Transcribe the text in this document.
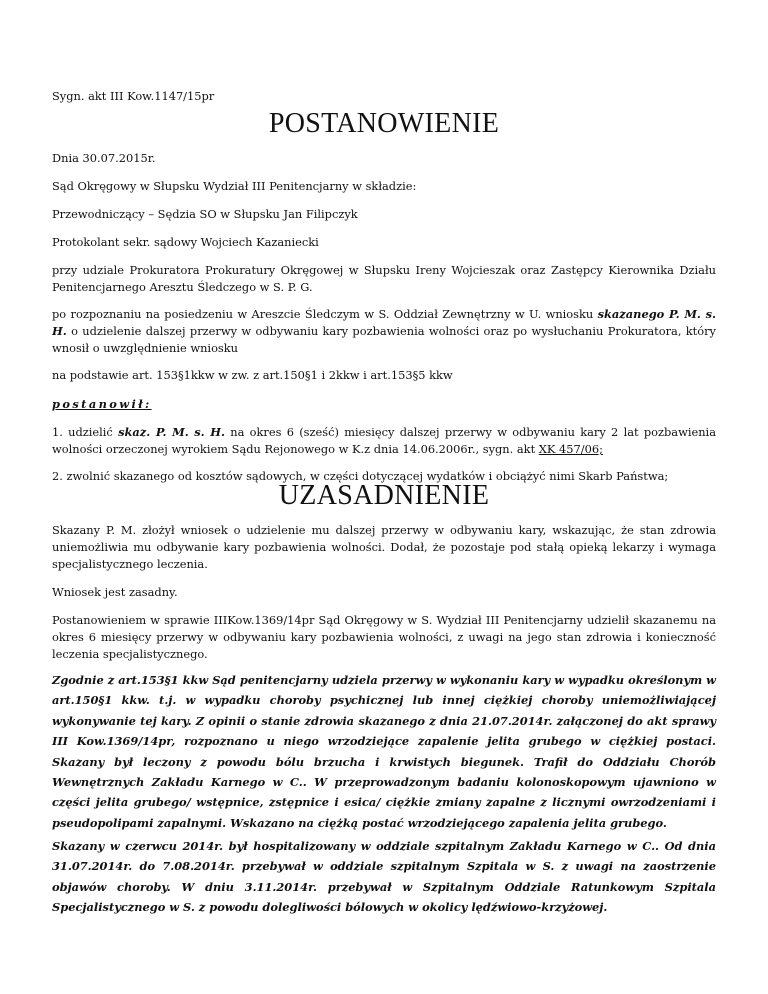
Sygn. akt III Kow.1147/15pr

POSTANOWIENIE

Dnia 30.07.2015r.

Sąd Okręgowy w Słupsku Wydział III Penitencjarny w składzie:

Przewodniczący – Sędzia SO w Słupsku Jan Filipczyk

Protokolant sekr. sądowy Wojciech Kazaniecki

przy udziale Prokuratora Prokuratury Okręgowej w Słupsku Ireny Wojcieszak oraz Zastępcy Kierownika Działu Penitencjarnego Aresztu Śledczego w S. P. G.

po rozpoznaniu na posiedzeniu w Areszcie Śledczym w S. Oddział Zewnętrzny w U. wniosku skazanego P. M. s. H. o udzielenie dalszej przerwy w odbywaniu kary pozbawienia wolności oraz po wysłuchaniu Prokuratora, który wnosił o uwzględnienie wniosku

na podstawie art. 153§1kkw w zw. z art.150§1 i 2kkw i art.153§5 kkw

postanowił:

1. udzielić skaz. P. M. s. H. na okres 6 (sześć) miesięcy dalszej przerwy w odbywaniu kary 2 lat pozbawienia wolności orzeczonej wyrokiem Sądu Rejonowego w K.z dnia 14.06.2006r., sygn. akt XK 457/06;

2. zwolnić skazanego od kosztów sądowych, w części dotyczącej wydatków i obciążyć nimi Skarb Państwa;

UZASADNIENIE

Skazany P. M. złożył wniosek o udzielenie mu dalszej przerwy w odbywaniu kary, wskazując, że stan zdrowia uniemożliwia mu odbywanie kary pozbawienia wolności. Dodał, że pozostaje pod stałą opieką lekarzy i wymaga specjalistycznego leczenia.

Wniosek jest zasadny.

Postanowieniem w sprawie IIIKow.1369/14pr Sąd Okręgowy w S. Wydział III Penitencjarny udzielił skazanemu na okres 6 miesięcy przerwy w odbywaniu kary pozbawienia wolności, z uwagi na jego stan zdrowia i konieczność leczenia specjalistycznego.

Zgodnie z art.153§1 kkw Sąd penitencjarny udziela przerwy w wykonaniu kary w wypadku określonym w art.150§1 kkw. t.j. w wypadku choroby psychicznej lub innej ciężkiej choroby uniemożliwiającej wykonywanie tej kary. Z opinii o stanie zdrowia skazanego z dnia 21.07.2014r. załączonej do akt sprawy III Kow.1369/14pr, rozpoznano u niego wrzodziejące zapalenie jelita grubego w ciężkiej postaci. Skazany był leczony z powodu bólu brzucha i krwistych biegunek. Trafił do Oddziału Chorób Wewnętrznych Zakładu Karnego w C.. W przeprowadzonym badaniu kolonoskopowym ujawniono w części jelita grubego/ wstępnice, zstępnice i esica/ ciężkie zmiany zapalne z licznymi owrzodzeniami i pseudopolipami zapalnymi. Wskazano na ciężką postać wrzodziejącego zapalenia jelita grubego.

Skazany w czerwcu 2014r. był hospitalizowany w oddziale szpitalnym Zakładu Karnego w C.. Od dnia 31.07.2014r. do 7.08.2014r. przebywał w oddziale szpitalnym Szpitala w S. z uwagi na zaostrzenie objawów choroby. W dniu 3.11.2014r. przebywał w Szpitalnym Oddziale Ratunkowym Szpitala Specjalistycznego w S. z powodu dolegliwości bólowych w okolicy lędźwiowo-krzyżowej.
